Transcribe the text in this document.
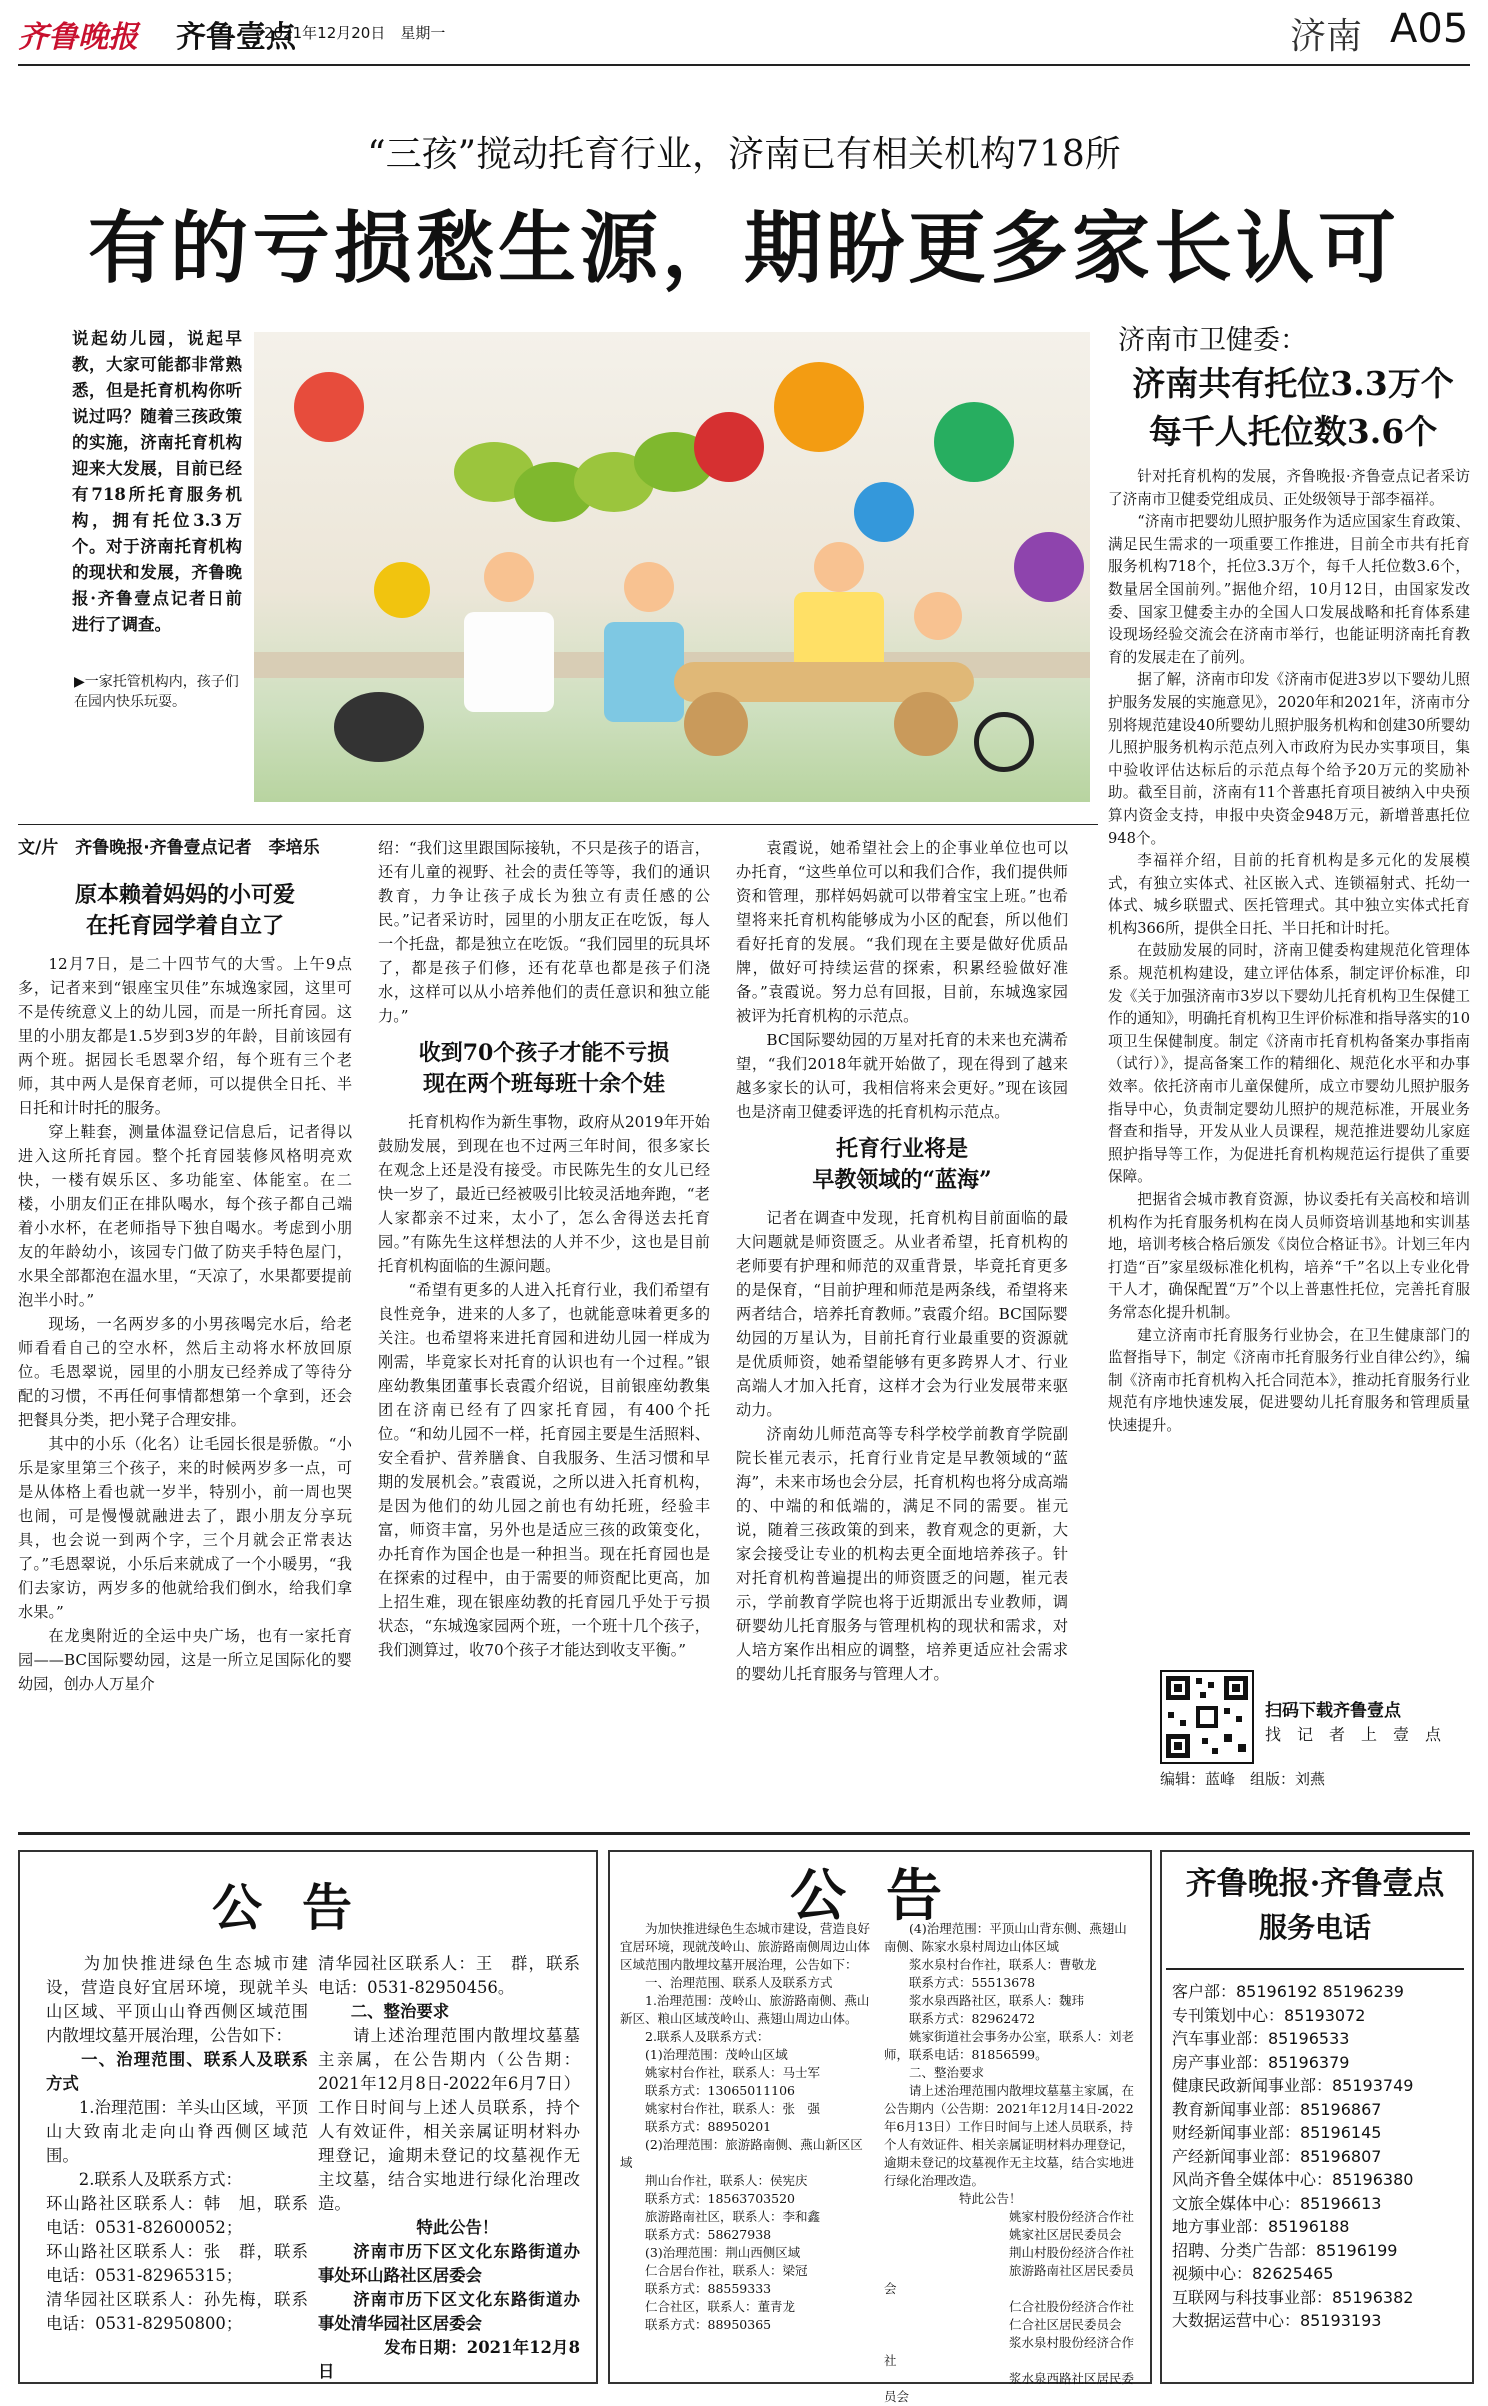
齐鲁晚报 齐鲁壹点
2021年12月20日　星期一	济南 A05
“三孩”搅动托育行业，济南已有相关机构718所
有的亏损愁生源，期盼更多家长认可
说起幼儿园，说起早教，大家可能都非常熟悉，但是托育机构你听说过吗？随着三孩政策的实施，济南托育机构迎来大发展，目前已经有718所托育服务机构，拥有托位3.3万个。对于济南托育机构的现状和发展，齐鲁晚报·齐鲁壹点记者日前进行了调查。
▶一家托管机构内，孩子们在园内快乐玩耍。
文/片　齐鲁晚报·齐鲁壹点记者　李培乐
原本赖着妈妈的小可爱
在托育园学着自立了

12月7日，是二十四节气的大雪。上午9点多，记者来到“银座宝贝佳”东城逸家园，这里可不是传统意义上的幼儿园，而是一所托育园。这里的小朋友都是1.5岁到3岁的年龄，目前该园有两个班。据园长毛恩翠介绍，每个班有三个老师，其中两人是保育老师，可以提供全日托、半日托和计时托的服务。

穿上鞋套，测量体温登记信息后，记者得以进入这所托育园。整个托育园装修风格明亮欢快，一楼有娱乐区、多功能室、体能室。在二楼，小朋友们正在排队喝水，每个孩子都自己端着小水杯，在老师指导下独自喝水。考虑到小朋友的年龄幼小，该园专门做了防夹手特色屋门，水果全部都泡在温水里，“天凉了，水果都要提前泡半小时。”

现场，一名两岁多的小男孩喝完水后，给老师看看自己的空水杯，然后主动将水杯放回原位。毛恩翠说，园里的小朋友已经养成了等待分配的习惯，不再任何事情都想第一个拿到，还会把餐具分类，把小凳子合理安排。

其中的小乐（化名）让毛园长很是骄傲。“小乐是家里第三个孩子，来的时候两岁多一点，可是从体格上看也就一岁半，特别小，前一周也哭也闹，可是慢慢就融进去了，跟小朋友分享玩具，也会说一到两个字，三个月就会正常表达了。”毛恩翠说，小乐后来就成了一个小暖男，“我们去家访，两岁多的他就给我们倒水，给我们拿水果。”

在龙奥附近的全运中央广场，也有一家托育园——BC国际婴幼园，这是一所立足国际化的婴幼园，创办人万星介

绍：“我们这里跟国际接轨，不只是孩子的语言，还有儿童的视野、社会的责任等等，我们的通识教育，力争让孩子成长为独立有责任感的公民。”记者采访时，园里的小朋友正在吃饭，每人一个托盘，都是独立在吃饭。“我们园里的玩具坏了，都是孩子们修，还有花草也都是孩子们浇水，这样可以从小培养他们的责任意识和独立能力。”

收到70个孩子才能不亏损
现在两个班每班十余个娃

托育机构作为新生事物，政府从2019年开始鼓励发展，到现在也不过两三年时间，很多家长在观念上还是没有接受。市民陈先生的女儿已经快一岁了，最近已经被吸引比较灵活地奔跑，“老人家都亲不过来，太小了，怎么舍得送去托育园。”有陈先生这样想法的人并不少，这也是目前托育机构面临的生源问题。

“希望有更多的人进入托育行业，我们希望有良性竞争，进来的人多了，也就能意味着更多的关注。也希望将来进托育园和进幼儿园一样成为刚需，毕竟家长对托育的认识也有一个过程。”银座幼教集团董事长袁霞介绍说，目前银座幼教集团在济南已经有了四家托育园，有400个托位。“和幼儿园不一样，托育园主要是生活照料、安全看护、营养膳食、自我服务、生活习惯和早期的发展机会。”袁霞说，之所以进入托育机构，是因为他们的幼儿园之前也有幼托班，经验丰富，师资丰富，另外也是适应三孩的政策变化，办托育作为国企也是一种担当。现在托育园也是在探索的过程中，由于需要的师资配比更高，加上招生难，现在银座幼教的托育园几乎处于亏损状态，“东城逸家园两个班，一个班十几个孩子，我们测算过，收70个孩子才能达到收支平衡。”

袁霞说，她希望社会上的企事业单位也可以办托育，“这些单位可以和我们合作，我们提供师资和管理，那样妈妈就可以带着宝宝上班。”也希望将来托育机构能够成为小区的配套，所以他们看好托育的发展。“我们现在主要是做好优质品牌，做好可持续运营的探索，积累经验做好准备。”袁霞说。努力总有回报，目前，东城逸家园被评为托育机构的示范点。

BC国际婴幼园的万星对托育的未来也充满希望，“我们2018年就开始做了，现在得到了越来越多家长的认可，我相信将来会更好。”现在该园也是济南卫健委评选的托育机构示范点。

托育行业将是
早教领域的“蓝海”

记者在调查中发现，托育机构目前面临的最大问题就是师资匮乏。从业者希望，托育机构的老师要有护理和师范的双重背景，毕竟托育更多的是保育，“目前护理和师范是两条线，希望将来两者结合，培养托育教师。”袁霞介绍。BC国际婴幼园的万星认为，目前托育行业最重要的资源就是优质师资，她希望能够有更多跨界人才、行业高端人才加入托育，这样才会为行业发展带来驱动力。

济南幼儿师范高等专科学校学前教育学院副院长崔元表示，托育行业肯定是早教领域的“蓝海”，未来市场也会分层，托育机构也将分成高端的、中端的和低端的，满足不同的需要。崔元说，随着三孩政策的到来，教育观念的更新，大家会接受让专业的机构去更全面地培养孩子。针对托育机构普遍提出的师资匮乏的问题，崔元表示，学前教育学院也将于近期派出专业教师，调研婴幼儿托育服务与管理机构的现状和需求，对人培方案作出相应的调整，培养更适应社会需求的婴幼儿托育服务与管理人才。

济南市卫健委：
济南共有托位3.3万个
每千人托位数3.6个

针对托育机构的发展，齐鲁晚报·齐鲁壹点记者采访了济南市卫健委党组成员、正处级领导于部李福祥。

“济南市把婴幼儿照护服务作为适应国家生育政策、满足民生需求的一项重要工作推进，目前全市共有托育服务机构718个，托位3.3万个，每千人托位数3.6个，数量居全国前列。”据他介绍，10月12日，由国家发改委、国家卫健委主办的全国人口发展战略和托育体系建设现场经验交流会在济南市举行，也能证明济南托育教育的发展走在了前列。

据了解，济南市印发《济南市促进3岁以下婴幼儿照护服务发展的实施意见》，2020年和2021年，济南市分别将规范建设40所婴幼儿照护服务机构和创建30所婴幼儿照护服务机构示范点列入市政府为民办实事项目，集中验收评估达标后的示范点每个给予20万元的奖励补助。截至目前，济南有11个普惠托育项目被纳入中央预算内资金支持，申报中央资金948万元，新增普惠托位948个。

李福祥介绍，目前的托育机构是多元化的发展模式，有独立实体式、社区嵌入式、连锁福射式、托幼一体式、城乡联盟式、医托管理式。其中独立实体式托育机构366所，提供全日托、半日托和计时托。

在鼓励发展的同时，济南卫健委构建规范化管理体系。规范机构建设，建立评估体系，制定评价标准，印发《关于加强济南市3岁以下婴幼儿托育机构卫生保健工作的通知》，明确托育机构卫生评价标准和指导落实的10项卫生保健制度。制定《济南市托育机构备案办事指南（试行）》，提高备案工作的精细化、规范化水平和办事效率。依托济南市儿童保健所，成立市婴幼儿照护服务指导中心，负责制定婴幼儿照护的规范标准，开展业务督查和指导，开发从业人员课程，规范推进婴幼儿家庭照护指导等工作，为促进托育机构规范运行提供了重要保障。

把据省会城市教育资源，协议委托有关高校和培训机构作为托育服务机构在岗人员师资培训基地和实训基地，培训考核合格后颁发《岗位合格证书》。计划三年内打造“百”家星级标准化机构，培养“千”名以上专业化骨干人才，确保配置“万”个以上普惠性托位，完善托育服务常态化提升机制。

建立济南市托育服务行业协会，在卫生健康部门的监督指导下，制定《济南市托育服务行业自律公约》，编制《济南市托育机构入托合同范本》，推动托育服务行业规范有序地快速发展，促进婴幼儿托育服务和管理质量快速提升。

扫码下载齐鲁壹点
找　记　者　上　壹　点
编辑：蓝峰　组版：刘燕
公告

　　为加快推进绿色生态城市建设，营造良好宜居环境，现就羊头山区域、平顶山山脊西侧区域范围内散埋坟墓开展治理，公告如下：

　　一、治理范围、联系人及联系方式

　　1.治理范围：羊头山区域，平顶山大致南北走向山脊西侧区域范围。

　　2.联系人及联系方式：

环山路社区联系人：韩　旭，联系电话：0531-82600052；

环山路社区联系人：张　群，联系电话：0531-82965315；

清华园社区联系人：孙先梅，联系电话：0531-82950800；

清华园社区联系人：王　群，联系电话：0531-82950456。

　　二、整治要求

　　请上述治理范围内散埋坟墓墓主亲属，在公告期内（公告期：2021年12月8日-2022年6月7日）工作日时间与上述人员联系，持个人有效证件，相关亲属证明材料办理登记，逾期未登记的坟墓视作无主坟墓，结合实地进行绿化治理改造。

　　　　　　特此公告！

　　济南市历下区文化东路街道办事处环山路社区居委会

　　济南市历下区文化东路街道办事处清华园社区居委会

　　　　发布日期：2021年12月8日

公告

　　为加快推进绿色生态城市建设，营造良好宜居环境，现就茂岭山、旅游路南侧周边山体区域范围内散埋坟墓开展治理，公告如下：

　　一、治理范围、联系人及联系方式

　　1.治理范围：茂岭山、旅游路南侧、燕山新区、粮山区域茂岭山、燕翅山周边山体。

　　2.联系人及联系方式：

　　(1)治理范围：茂岭山区域

　　姚家村台作社，联系人：马士军

　　联系方式：13065011106

　　姚家村台作社，联系人：张　强

　　联系方式：88950201

　　(2)治理范围：旅游路南侧、燕山新区区域

　　荆山台作社，联系人：侯宪庆

　　联系方式：18563703520

　　旅游路南社区，联系人：李和鑫

　　联系方式：58627938

　　(3)治理范围：荆山西侧区域

　　仁合居台作社，联系人：梁冠

　　联系方式：88559333

　　仁合社区，联系人：董青龙

　　联系方式：88950365

　　(4)治理范围：平顶山山背东侧、燕翅山南侧、陈家水泉村周边山体区域

　　浆水泉村台作社，联系人：曹敬龙

　　联系方式：55513678

　　浆水泉西路社区，联系人：魏玮

　　联系方式：82962472

　　姚家街道社会事务办公室，联系人：刘老师，联系电话：81856599。

　　二、整治要求

　　请上述治理范围内散埋坟墓墓主家属，在公告期内（公告期：2021年12月14日-2022年6月13日）工作日时间与上述人员联系，持个人有效证件、相关亲属证明材料办理登记，逾期未登记的坟墓视作无主坟墓，结合实地进行绿化治理改造。

　　　　　　特此公告！

　　　　　　　　　　姚家村股份经济合作社

　　　　　　　　　　姚家社区居民委员会

　　　　　　　　　　荆山村股份经济合作社

　　　　　　　　　　旅游路南社区居民委员会

　　　　　　　　　　仁合社股份经济合作社

　　　　　　　　　　仁合社区居民委员会

　　　　　　　　　　浆水泉村股份经济合作社

　　　　　　　　　　浆水泉西路社区居民委员会

齐鲁晚报·齐鲁壹点
服务电话
客户部：85196192 85196239
专刊策划中心：85193072
汽车事业部：85196533
房产事业部：85196379
健康民政新闻事业部：85193749
教育新闻事业部：85196867
财经新闻事业部：85196145
产经新闻事业部：85196807
风尚齐鲁全媒体中心：85196380
文旅全媒体中心：85196613
地方事业部：85196188
招聘、分类广告部：85196199
视频中心：82625465
互联网与科技事业部：85196382
大数据运营中心：85193193
